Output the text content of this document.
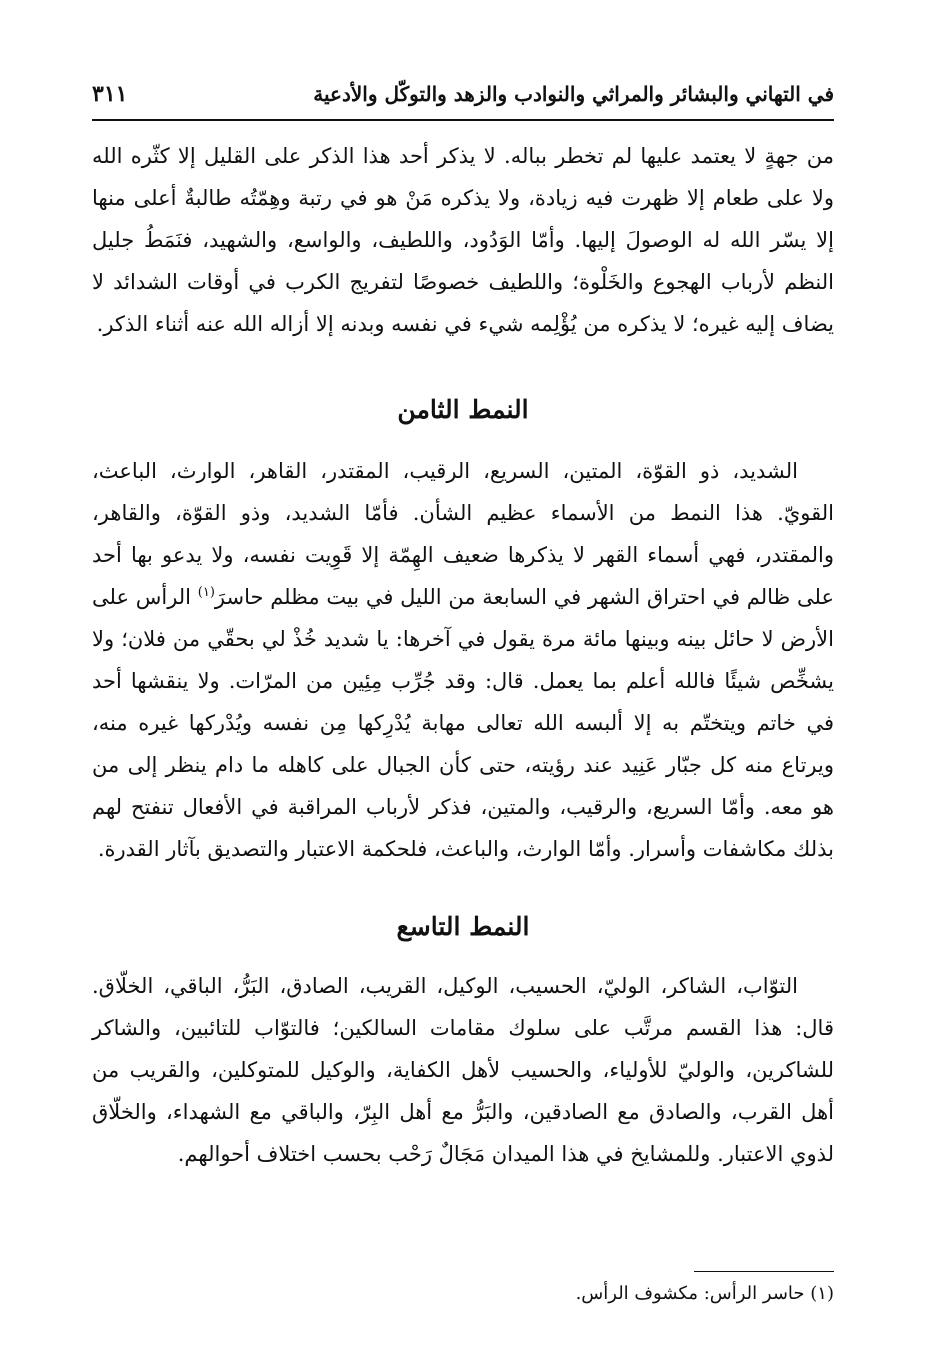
في التهاني والبشائر والمراثي والنوادب والزهد والتوكّل والأدعية
٣١١

من جهةٍ لا يعتمد عليها لم تخطر بباله. لا يذكر أحد هذا الذكر على القليل إلا كثّره الله ولا على طعام إلا ظهرت فيه زيادة، ولا يذكره مَنْ هو في رتبة وهِمّتُه طالبةٌ أعلى منها إلا يسّر الله له الوصولَ إليها. وأمّا الوَدُود، واللطيف، والواسع، والشهيد، فنَمَطُ جليل النظم لأرباب الهجوع والخَلْوة؛ واللطيف خصوصًا لتفريج الكرب في أوقات الشدائد لا يضاف إليه غيره؛ لا يذكره من يُؤْلِمه شيء في نفسه وبدنه إلا أزاله الله عنه أثناء الذكر.

النمط الثامن

الشديد، ذو القوّة، المتين، السريع، الرقيب، المقتدر، القاهر، الوارث، الباعث، القويّ. هذا النمط من الأسماء عظيم الشأن. فأمّا الشديد، وذو القوّة، والقاهر، والمقتدر، فهي أسماء القهر لا يذكرها ضعيف الهِمّة إلا قَوِيت نفسه، ولا يدعو بها أحد على ظالم في احتراق الشهر في السابعة من الليل في بيت مظلم حاسرَ$^{(١)}$ الرأس على الأرض لا حائل بينه وبينها مائة مرة يقول في آخرها: يا شديد خُذْ لي بحقّي من فلان؛ ولا يشخِّص شيئًا فالله أعلم بما يعمل. قال: وقد جُرِّب مِئِين من المرّات. ولا ينقشها أحد في خاتم ويتختّم به إلا ألبسه الله تعالى مهابة يُدْرِكها مِن نفسه ويُدْركها غيره منه، ويرتاع منه كل جبّار عَنِيد عند رؤيته، حتى كأن الجبال على كاهله ما دام ينظر إلى من هو معه. وأمّا السريع، والرقيب، والمتين، فذكر لأرباب المراقبة في الأفعال تنفتح لهم بذلك مكاشفات وأسرار. وأمّا الوارث، والباعث، فلحكمة الاعتبار والتصديق بآثار القدرة.

النمط التاسع

التوّاب، الشاكر، الوليّ، الحسيب، الوكيل، القريب، الصادق، البَرُّ، الباقي، الخلّاق. قال: هذا القسم مرتَّب على سلوك مقامات السالكين؛ فالتوّاب للتائبين، والشاكر للشاكرين، والوليّ للأولياء، والحسيب لأهل الكفاية، والوكيل للمتوكلين، والقريب من أهل القرب، والصادق مع الصادقين، والبَرُّ مع أهل البِرّ، والباقي مع الشهداء، والخلّاق لذوي الاعتبار. وللمشايخ في هذا الميدان مَجَالٌ رَحْب بحسب اختلاف أحوالهم.

(١) حاسر الرأس: مكشوف الرأس.
